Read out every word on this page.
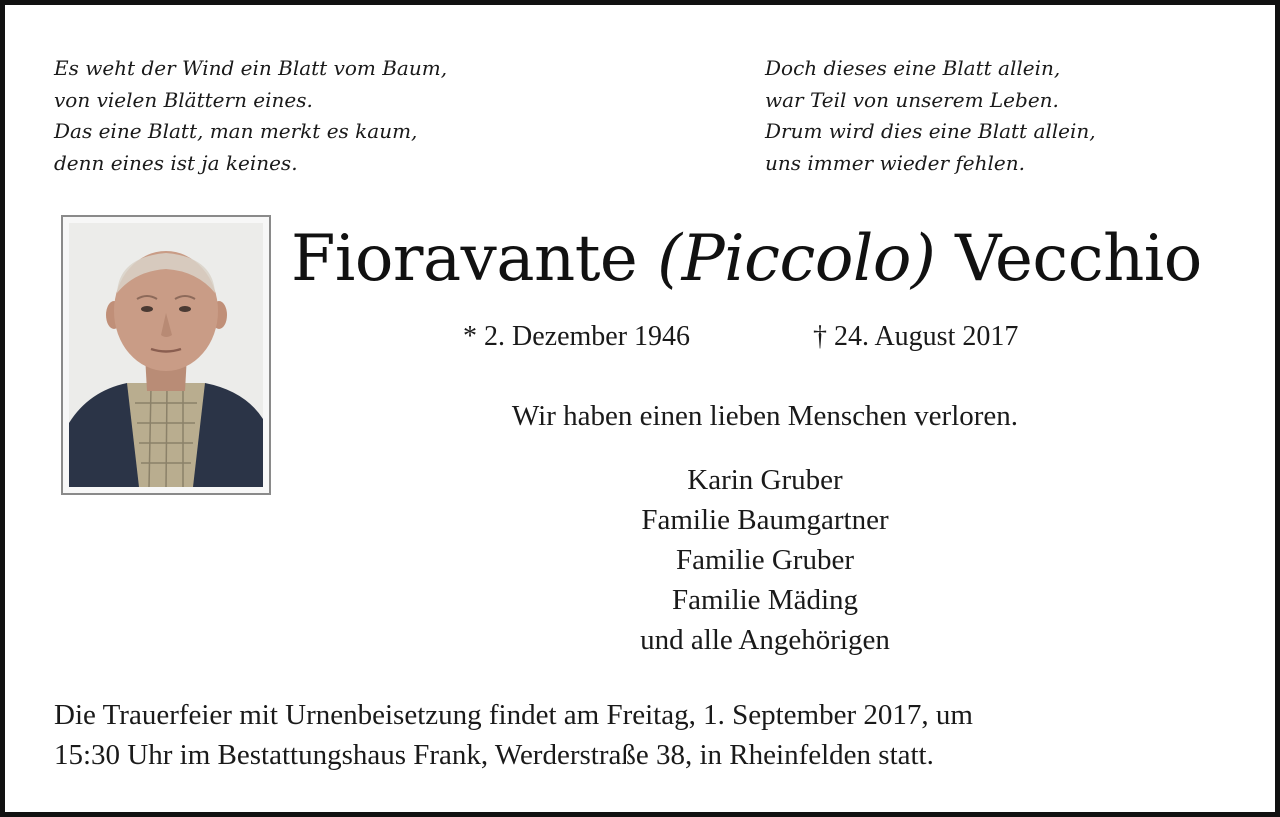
Es weht der Wind ein Blatt vom Baum,
von vielen Blättern eines.
Das eine Blatt, man merkt es kaum,
denn eines ist ja keines.
Doch dieses eine Blatt allein,
war Teil von unserem Leben.
Drum wird dies eine Blatt allein,
uns immer wieder fehlen.
Fioravante (Piccolo) Vecchio
* 2. Dezember 1946	† 24. August 2017
Wir haben einen lieben Menschen verloren.
Karin Gruber
Familie Baumgartner
Familie Gruber
Familie Mäding
und alle Angehörigen
Die Trauerfeier mit Urnenbeisetzung findet am Freitag, 1. September 2017, um
15:30 Uhr im Bestattungshaus Frank, Werderstraße 38, in Rheinfelden statt.
